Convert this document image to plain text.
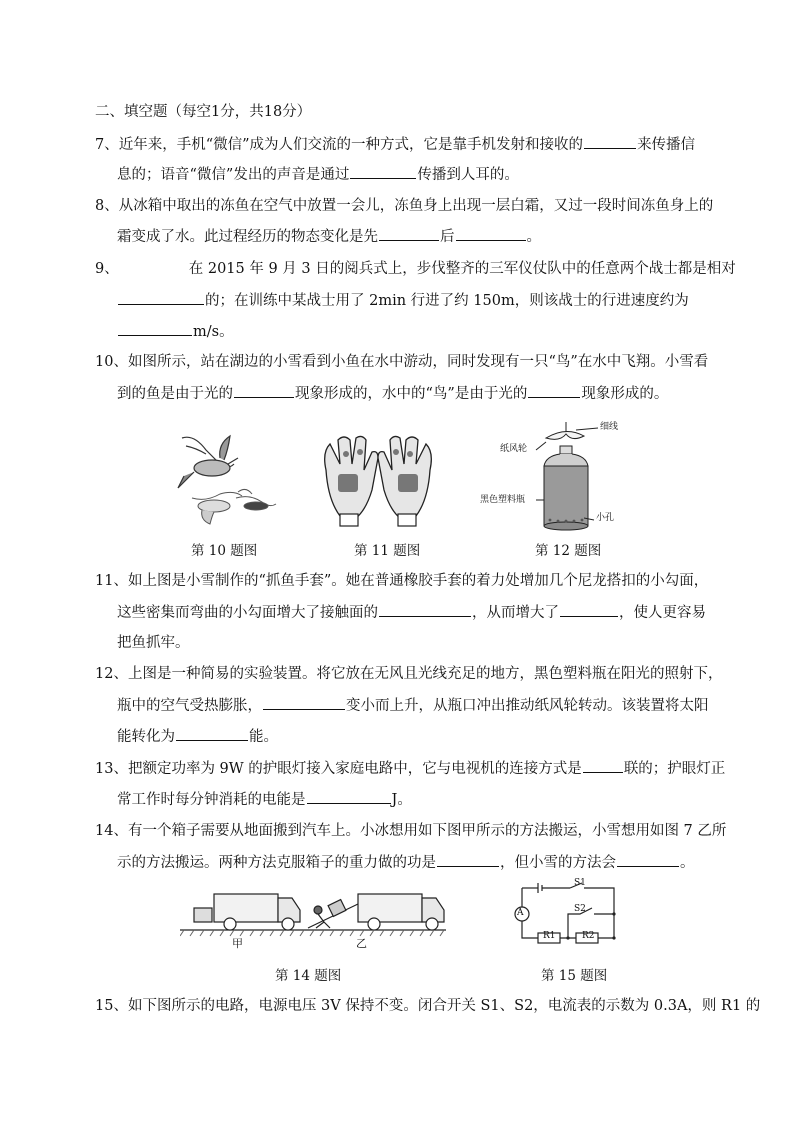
二、填空题（每空1分，共18分）
7、近年来，手机“微信”成为人们交流的一种方式，它是靠手机发射和接收的	来传播信
息的；语音“微信”发出的声音是通过	传播到人耳的。
8、从冰箱中取出的冻鱼在空气中放置一会儿，冻鱼身上出现一层白霜，又过一段时间冻鱼身上的
霜变成了水。此过程经历的物态变化是先	后	。
9、	在 2015 年 9 月 3 日的阅兵式上，步伐整齐的三军仪仗队中的任意两个战士都是相对
的；在训练中某战士用了 2min 行进了约 150m，则该战士的行进速度约为
m/s。
10、如图所示，站在湖边的小雪看到小鱼在水中游动，同时发现有一只“鸟”在水中飞翔。小雪看
到的鱼是由于光的	现象形成的，水中的“鸟”是由于光的	现象形成的。
第 10 题图	第 11 题图
细线
纸风轮
黑色塑料瓶
小孔
第 12 题图
11、如上图是小雪制作的“抓鱼手套”。她在普通橡胶手套的着力处增加几个尼龙搭扣的小勾面，
这些密集而弯曲的小勾面增大了接触面的	，从而增大了	，使人更容易
把鱼抓牢。
12、上图是一种简易的实验装置。将它放在无风且光线充足的地方，黑色塑料瓶在阳光的照射下，
瓶中的空气受热膨胀，	变小而上升，从瓶口冲出推动纸风轮转动。该装置将太阳
能转化为	能。
13、把额定功率为 9W 的护眼灯接入家庭电路中，它与电视机的连接方式是	联的；护眼灯正
常工作时每分钟消耗的电能是	J。
14、有一个箱子需要从地面搬到汽车上。小冰想用如下图甲所示的方法搬运，小雪想用如图 7 乙所
示的方法搬运。两种方法克服箱子的重力做的功是	，但小雪的方法会	。
甲	乙
第 14 题图
A
S1
S2
R1	R2
第 15 题图
15、如下图所示的电路，电源电压 3V 保持不变。闭合开关 S1、S2，电流表的示数为 0.3A，则 R1 的
